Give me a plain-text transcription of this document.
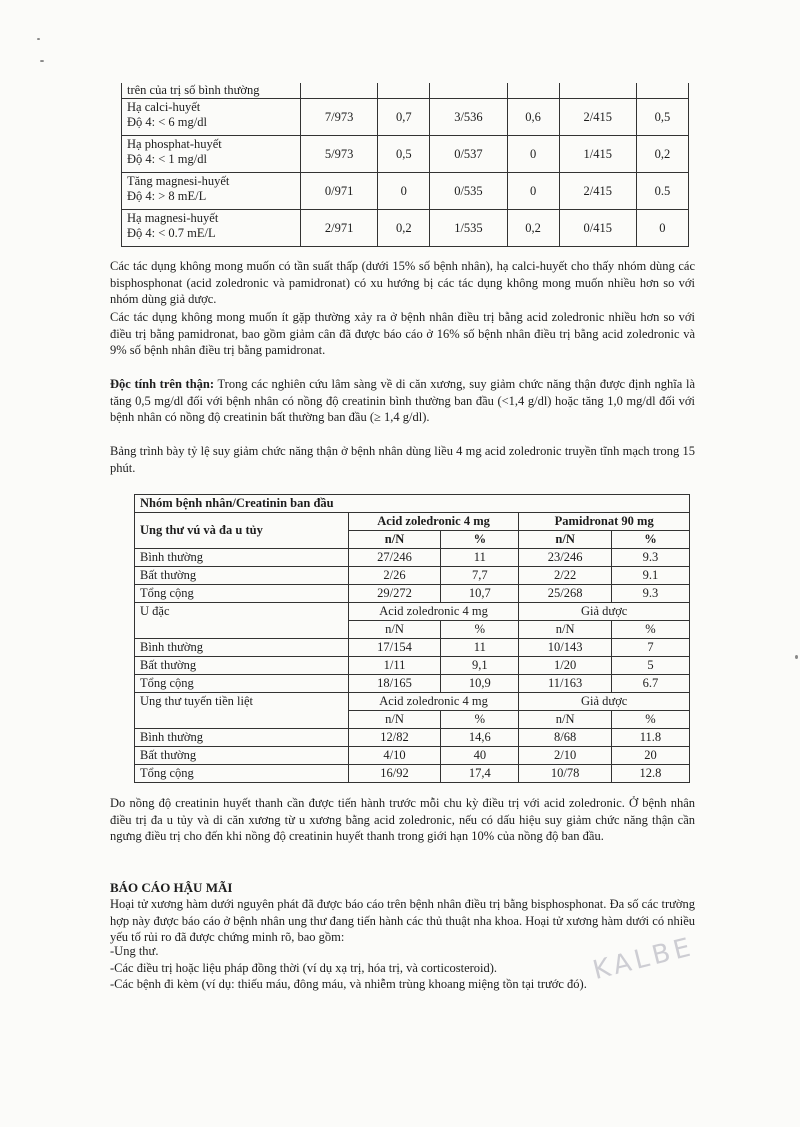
trên của trị số bình thường						

Hạ calci-huyết
Độ 4: < 6 mg/dl	7/973	0,7	3/536	0,6	2/415	0,5

Hạ phosphat-huyết
Độ 4: < 1 mg/dl	5/973	0,5	0/537	0	1/415	0,2

Tăng magnesi-huyết
Độ 4: > 8 mE/L	0/971	0	0/535	0	2/415	0.5

Hạ magnesi-huyết
Độ 4: < 0.7 mE/L	2/971	0,2	1/535	0,2	0/415	0

Các tác dụng không mong muốn có tần suất thấp (dưới 15% số bệnh nhân), hạ calci-huyết cho thấy nhóm dùng các bisphosphonat (acid zoledronic và pamidronat) có xu hướng bị các tác dụng không mong muốn nhiều hơn so với nhóm dùng giả dược.

Các tác dụng không mong muốn ít gặp thường xảy ra ở bệnh nhân điều trị bằng acid zoledronic nhiều hơn so với điều trị bằng pamidronat, bao gồm giảm cân đã được báo cáo ở 16% số bệnh nhân điều trị bằng acid zoledronic và 9% số bệnh nhân điều trị bằng pamidronat.

Độc tính trên thận: Trong các nghiên cứu lâm sàng về di căn xương, suy giảm chức năng thận được định nghĩa là tăng 0,5 mg/dl đối với bệnh nhân có nồng độ creatinin bình thường ban đầu (<1,4 g/dl) hoặc tăng 1,0 mg/dl đối với bệnh nhân có nồng độ creatinin bất thường ban đầu (≥ 1,4 g/dl).

Bảng trình bày tỷ lệ suy giảm chức năng thận ở bệnh nhân dùng liều 4 mg acid zoledronic truyền tĩnh mạch trong 15 phút.

Nhóm bệnh nhân/Creatinin ban đầu				
Ung thư vú và đa u tủy	Acid zoledronic 4 mg		Pamidronat 90 mg	
	n/N	%	n/N	%
Bình thường	27/246	11	23/246	9.3
Bất thường	2/26	7,7	2/22	9.1
Tổng cộng	29/272	10,7	25/268	9.3
U đặc	Acid zoledronic 4 mg		Giả dược	
	n/N	%	n/N	%
Bình thường	17/154	11	10/143	7
Bất thường	1/11	9,1	1/20	5
Tổng cộng	18/165	10,9	11/163	6.7
Ung thư tuyến tiền liệt	Acid zoledronic 4 mg		Giả dược	
	n/N	%	n/N	%
Bình thường	12/82	14,6	8/68	11.8
Bất thường	4/10	40	2/10	20
Tổng cộng	16/92	17,4	10/78	12.8

Do nồng độ creatinin huyết thanh cần được tiến hành trước mỗi chu kỳ điều trị với acid zoledronic. Ở bệnh nhân điều trị đa u tủy và di căn xương từ u xương bằng acid zoledronic, nếu có dấu hiệu suy giảm chức năng thận cần ngưng điều trị cho đến khi nồng độ creatinin huyết thanh trong giới hạn 10% của nồng độ ban đầu.

BÁO CÁO HẬU MÃI

Hoại tử xương hàm dưới nguyên phát đã được báo cáo trên bệnh nhân điều trị bằng bisphosphonat. Đa số các trường hợp này được báo cáo ở bệnh nhân ung thư đang tiến hành các thủ thuật nha khoa. Hoại tử xương hàm dưới có nhiều yếu tố rủi ro đã được chứng minh rõ, bao gồm:

-Ung thư.
-Các điều trị hoặc liệu pháp đồng thời (ví dụ xạ trị, hóa trị, và corticosteroid).
-Các bệnh đi kèm (ví dụ: thiếu máu, đông máu, và nhiễm trùng khoang miệng tồn tại trước đó). KALBE
